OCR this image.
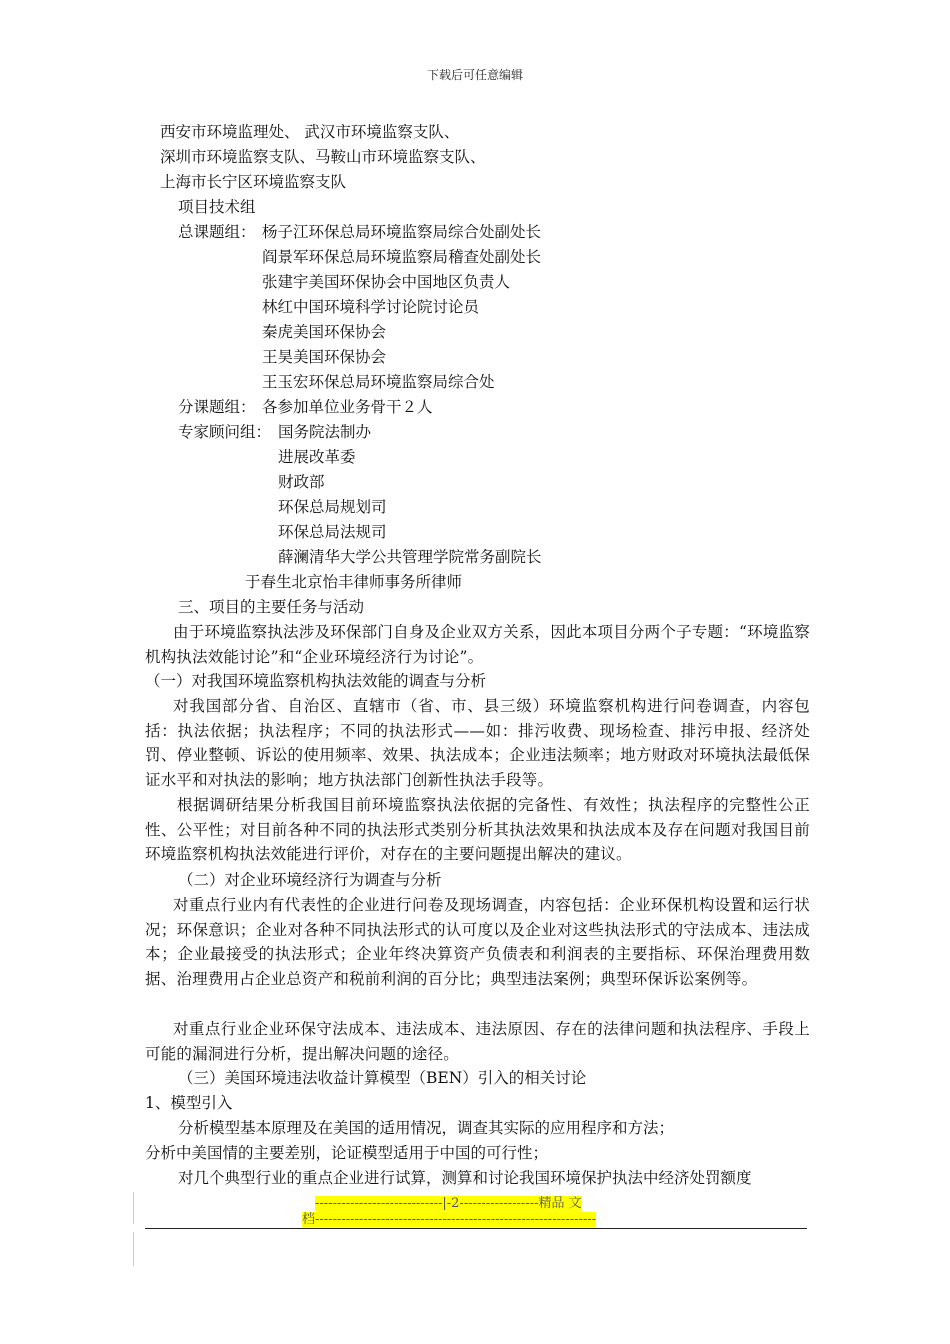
下载后可任意编辑
西安市环境监理处、 武汉市环境监察支队、
深圳市环境监察支队、马鞍山市环境监察支队、
上海市长宁区环境监察支队
项目技术组
总课题组： 杨子江环保总局环境监察局综合处副处长
阎景军环保总局环境监察局稽查处副处长
张建宇美国环保协会中国地区负责人
林红中国环境科学讨论院讨论员
秦虎美国环保协会
王昊美国环保协会
王玉宏环保总局环境监察局综合处
分课题组： 各参加单位业务骨干２人
专家顾问组： 国务院法制办
进展改革委
财政部
环保总局规划司
环保总局法规司
薛澜清华大学公共管理学院常务副院长
于春生北京怡丰律师事务所律师
三、项目的主要任务与活动
由于环境监察执法涉及环保部门自身及企业双方关系，因此本项目分两个子专题：“环境监察机构执法效能讨论”和“企业环境经济行为讨论”。
（一）对我国环境监察机构执法效能的调查与分析
对我国部分省、自治区、直辖市（省、市、县三级）环境监察机构进行问卷调查，内容包括：执法依据；执法程序；不同的执法形式——如：排污收费、现场检查、排污申报、经济处罚、停业整顿、诉讼的使用频率、效果、执法成本；企业违法频率；地方财政对环境执法最低保证水平和对执法的影响；地方执法部门创新性执法手段等。
根据调研结果分析我国目前环境监察执法依据的完备性、有效性；执法程序的完整性公正性、公平性；对目前各种不同的执法形式类别分析其执法效果和执法成本及存在问题对我国目前环境监察机构执法效能进行评价，对存在的主要问题提出解决的建议。
（二）对企业环境经济行为调查与分析
对重点行业内有代表性的企业进行问卷及现场调查，内容包括：企业环保机构设置和运行状况；环保意识；企业对各种不同执法形式的认可度以及企业对这些执法形式的守法成本、违法成本；企业最接受的执法形式；企业年终决算资产负债表和利润表的主要指标、环保治理费用数据、治理费用占企业总资产和税前利润的百分比；典型违法案例；典型环保诉讼案例等。
对重点行业企业环保守法成本、违法成本、违法原因、存在的法律问题和执法程序、手段上可能的漏洞进行分析，提出解决问题的途径。
（三）美国环境违法收益计算模型（BEN）引入的相关讨论
1、模型引入
分析模型基本原理及在美国的适用情况，调查其实际的应用程序和方法；
分析中美国情的主要差别，论证模型适用于中国的可行性；
对几个典型行业的重点企业进行试算，测算和讨论我国环境保护执法中经济处罚额度
-----------------------------|-2------------------精品 文
档----------------------------------------------------------------
